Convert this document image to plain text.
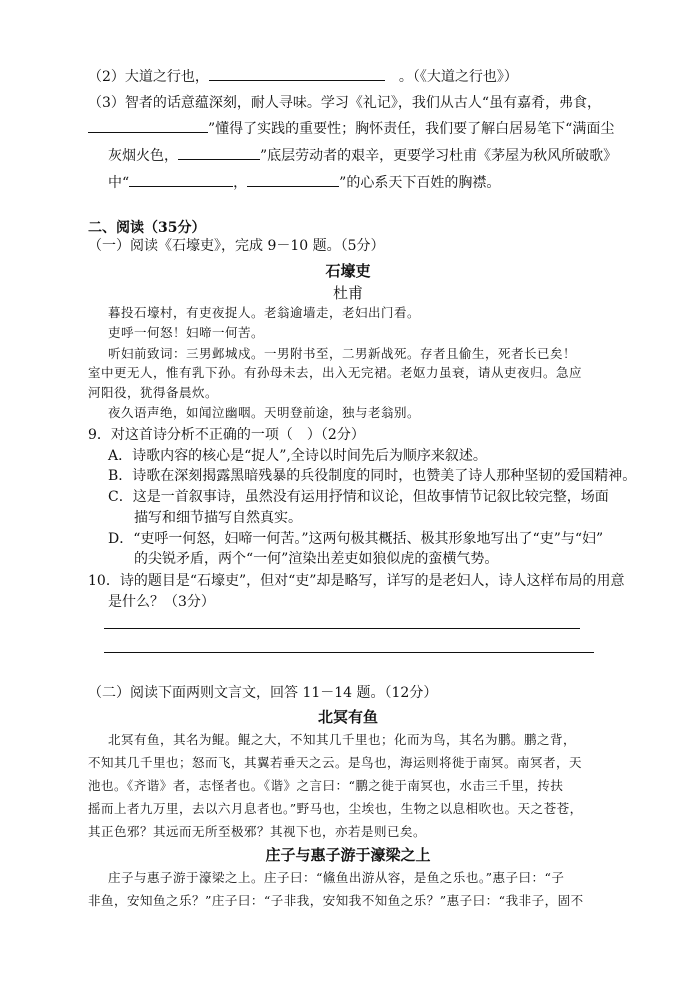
（2）大道之行也，	。（《大道之行也》）
（3）智者的话意蕴深刻，耐人寻味。学习《礼记》，我们从古人“虽有嘉肴，弗食，
”懂得了实践的重要性；胸怀责任，我们要了解白居易笔下“满面尘
灰烟火色，	”底层劳动者的艰辛，更要学习杜甫《茅屋为秋风所破歌》
中“	，	”的心系天下百姓的胸襟。
二、阅读（35分）
（一）阅读《石壕吏》，完成 9－10 题。（5分）
石壕吏
杜甫
暮投石壕村，有吏夜捉人。老翁逾墙走，老妇出门看。
吏呼一何怒！妇啼一何苦。
听妇前致词：三男邺城戍。一男附书至，二男新战死。存者且偷生，死者长已矣！
室中更无人，惟有乳下孙。有孙母未去，出入无完裙。老妪力虽衰，请从吏夜归。急应
河阳役，犹得备晨炊。
夜久语声绝，如闻泣幽咽。天明登前途，独与老翁别。
9．对这首诗分析不正确的一项（　）（2分）
A．诗歌内容的核心是“捉人”,全诗以时间先后为顺序来叙述。
B．诗歌在深刻揭露黑暗残暴的兵役制度的同时，也赞美了诗人那种坚韧的爱国精神。
C．这是一首叙事诗，虽然没有运用抒情和议论，但故事情节记叙比较完整，场面
描写和细节描写自然真实。
D．“吏呼一何怒，妇啼一何苦。”这两句极其概括、极其形象地写出了“吏”与“妇”
的尖锐矛盾，两个“一何”渲染出差吏如狼似虎的蛮横气势。
10．诗的题目是“石壕吏”，但对“吏”却是略写，详写的是老妇人，诗人这样布局的用意
是什么？（3分）
（二）阅读下面两则文言文，回答 11－14 题。（12分）
北冥有鱼
北冥有鱼，其名为鲲。鲲之大，不知其几千里也；化而为鸟，其名为鹏。鹏之背，
不知其几千里也；怒而飞，其翼若垂天之云。是鸟也，海运则将徙于南冥。南冥者，天
池也。《齐谐》者，志怪者也。《谐》之言曰：“鹏之徙于南冥也，水击三千里，抟扶
摇而上者九万里，去以六月息者也。”野马也，尘埃也，生物之以息相吹也。天之苍苍，
其正色邪？其远而无所至极邪？其视下也，亦若是则已矣。
庄子与惠子游于濠梁之上
庄子与惠子游于濠梁之上。庄子曰：“鯈鱼出游从容，是鱼之乐也。”惠子曰：“子
非鱼，安知鱼之乐？”庄子曰：“子非我，安知我不知鱼之乐？”惠子曰：“我非子，固不
